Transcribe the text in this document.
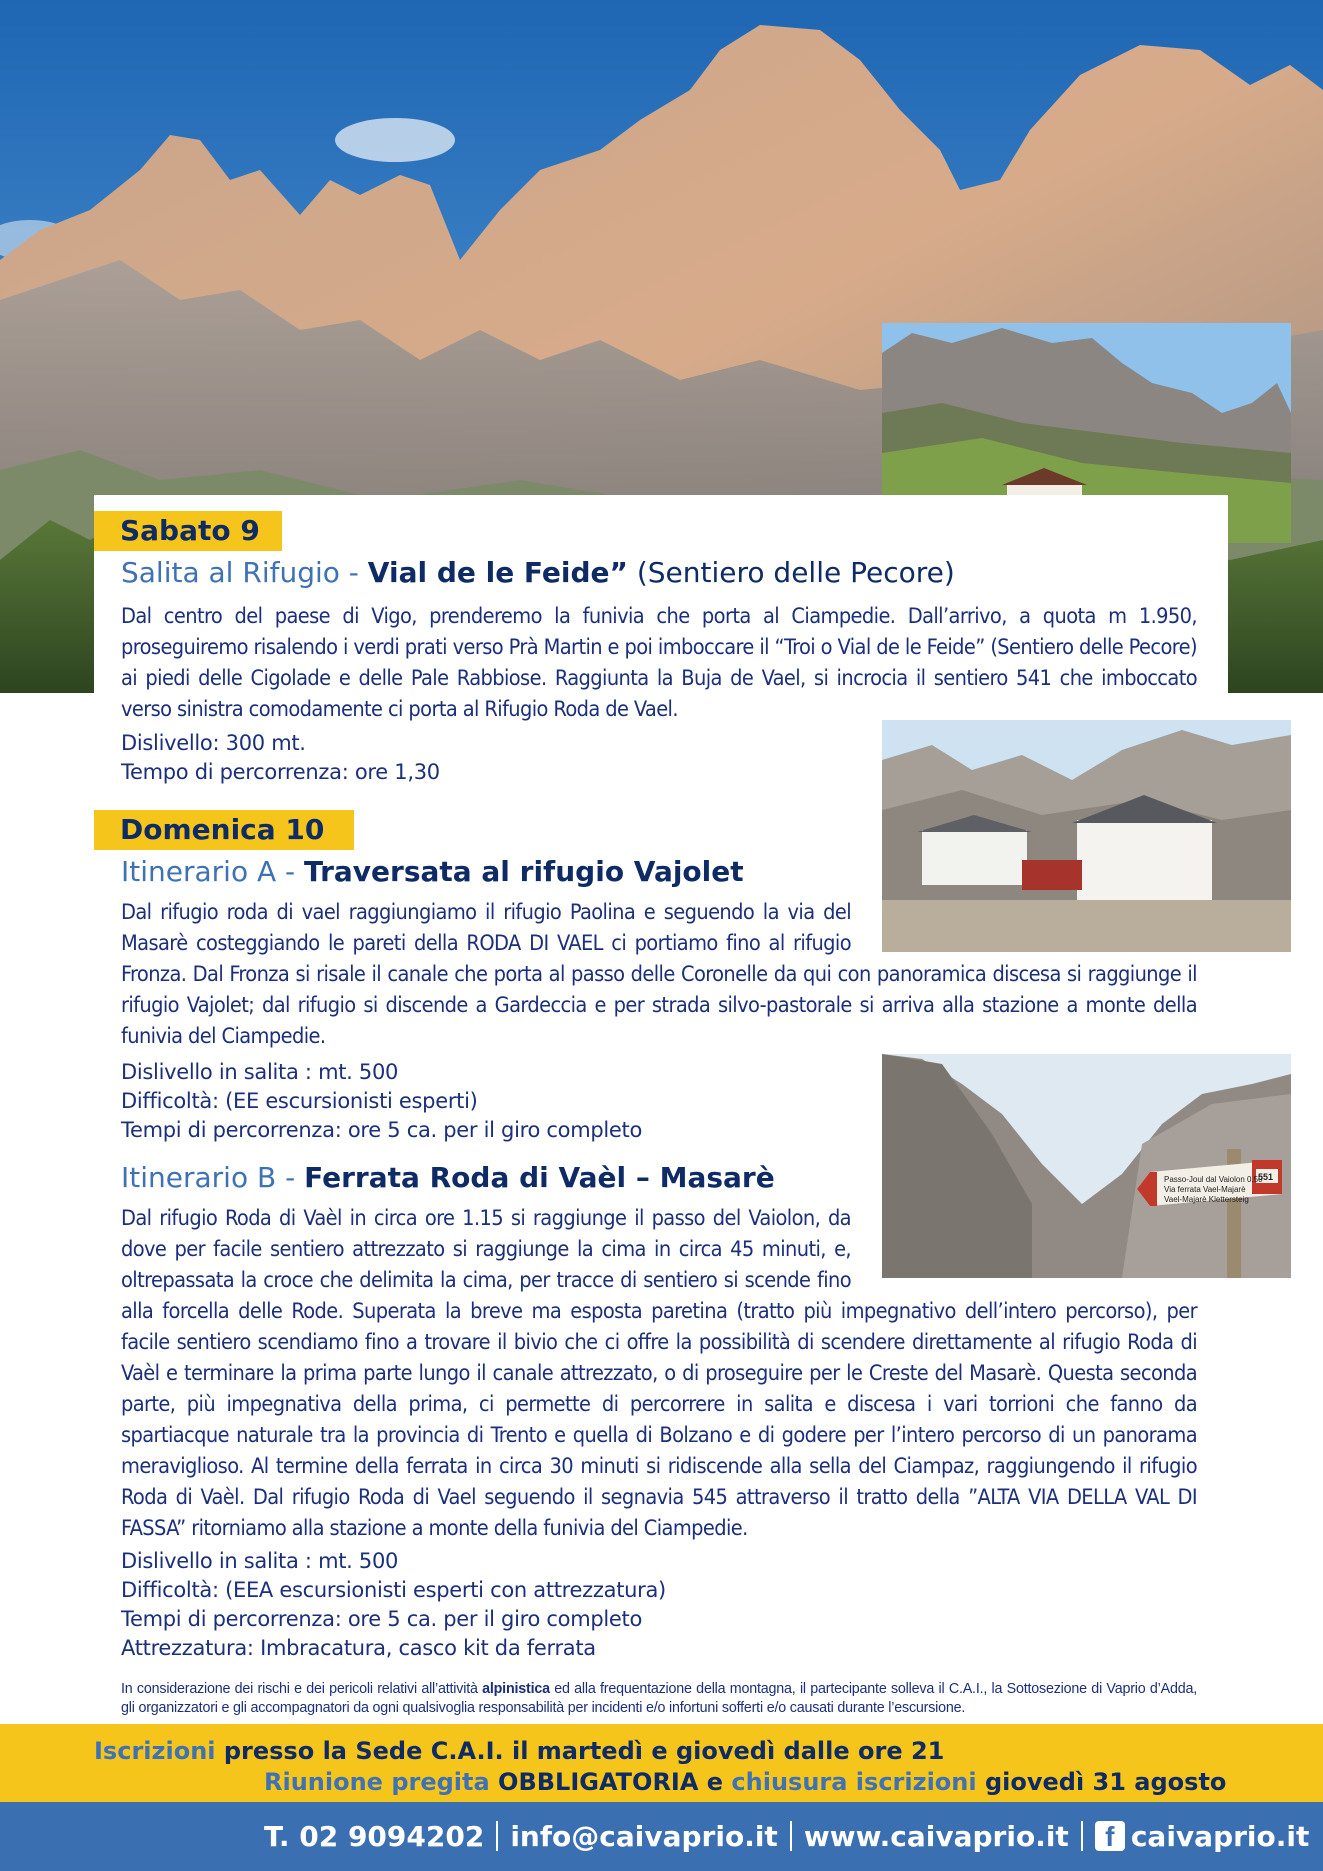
Passo-Joul dal Vaiolon 0.50
Via ferrata Vael-Majarè
Vael-Majarè Klettersteig
551
Sabato 9
Salita al Rifugio - Vial de le Feide” (Sentiero delle Pecore)

Dal centro del paese di Vigo, prenderemo la funivia che porta al Ciampedie. Dall’arrivo, a quota m 1.950, proseguiremo risalendo i verdi prati verso Prà Martin e poi imboccare il “Troi o Vial de le Feide” (Sentiero delle Pecore) ai piedi delle Cigolade e delle Pale Rabbiose. Raggiunta la Buja de Vael, si incrocia il sentiero 541 che imboccato verso sinistra comodamente ci porta al Rifugio Roda de Vael.

Dislivello: 300 mt.
Tempo di percorrenza: ore 1,30
Domenica 10
Itinerario A - Traversata al rifugio Vajolet

Dal rifugio roda di vael raggiungiamo il rifugio Paolina e seguendo la via del Masarè costeggiando le pareti della RODA DI VAEL ci portiamo fino al rifugio Fronza. Dal Fronza si risale il canale che porta al passo delle Coronelle da qui con panoramica discesa si raggiunge il rifugio Vajolet; dal rifugio si discende a Gardeccia e per strada silvo-pastorale si arriva alla stazione a monte della funivia del Ciampedie.

Dislivello in salita : mt. 500
Difficoltà: (EE escursionisti esperti)
Tempi di percorrenza: ore 5 ca. per il giro completo
Itinerario B - Ferrata Roda di Vaèl – Masarè

Dal rifugio Roda di Vaèl in circa ore 1.15 si raggiunge il passo del Vaiolon, da dove per facile sentiero attrezzato si raggiunge la cima in circa 45 minuti, e, oltrepassata la croce che delimita la cima, per tracce di sentiero si scende fino alla forcella delle Rode. Superata la breve ma esposta paretina (tratto più impegnativo dell’intero percorso), per facile sentiero scendiamo fino a trovare il bivio che ci offre la possibilità di scendere direttamente al rifugio Roda di Vaèl e terminare la prima parte lungo il canale attrezzato, o di proseguire per le Creste del Masarè. Questa seconda parte, più impegnativa della prima, ci permette di percorrere in salita e discesa i vari torrioni che fanno da spartiacque naturale tra la provincia di Trento e quella di Bolzano e di godere per l’intero percorso di un panorama meraviglioso. Al termine della ferrata in circa 30 minuti si ridiscende alla sella del Ciampaz, raggiungendo il rifugio Roda di Vaèl. Dal rifugio Roda di Vael seguendo il segnavia 545 attraverso il tratto della ”ALTA VIA DELLA VAL DI FASSA” ritorniamo alla stazione a monte della funivia del Ciampedie.

Dislivello in salita : mt. 500
Difficoltà: (EEA escursionisti esperti con attrezzatura)
Tempi di percorrenza: ore 5 ca. per il giro completo
Attrezzatura: Imbracatura, casco kit da ferrata
In considerazione dei rischi e dei pericoli relativi all’attività alpinistica ed alla frequentazione della montagna, il partecipante solleva il C.A.I., la Sottosezione di Vaprio d’Adda, gli organizzatori e gli accompagnatori da ogni qualsivoglia responsabilità per incidenti e/o infortuni sofferti e/o causati durante l’escursione.
Iscrizioni presso la Sede C.A.I. il martedì e giovedì dalle ore 21
Riunione pregita OBBLIGATORIA e chiusura iscrizioni giovedì 31 agosto
T. 02 9094202 info@caivaprio.it www.caivaprio.it	f caivaprio.it
